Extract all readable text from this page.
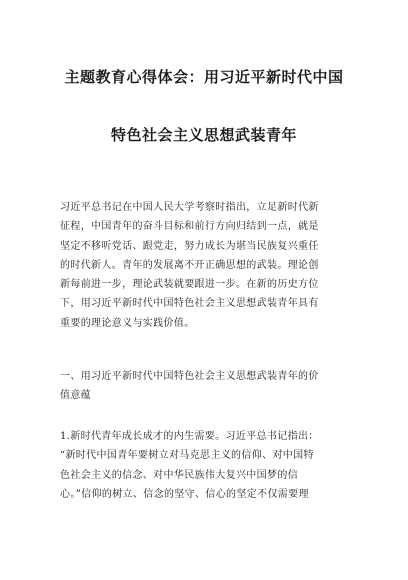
主题教育心得体会：用习近平新时代中国
特色社会主义思想武装青年

习近平总书记在中国人民大学考察时指出，立足新时代新
征程，中国青年的奋斗目标和前行方向归结到一点，就是
坚定不移听党话、跟党走，努力成长为堪当民族复兴重任
的时代新人。青年的发展离不开正确思想的武装。理论创
新每前进一步，理论武装就要跟进一步。在新的历史方位
下，用习近平新时代中国特色社会主义思想武装青年具有
重要的理论意义与实践价值。

一、用习近平新时代中国特色社会主义思想武装青年的价
值意蕴

1.新时代青年成长成才的内生需要。习近平总书记指出：
“新时代中国青年要树立对马克思主义的信仰、对中国特
色社会主义的信念、对中华民族伟大复兴中国梦的信
心。”信仰的树立、信念的坚守、信心的坚定不仅需要理
